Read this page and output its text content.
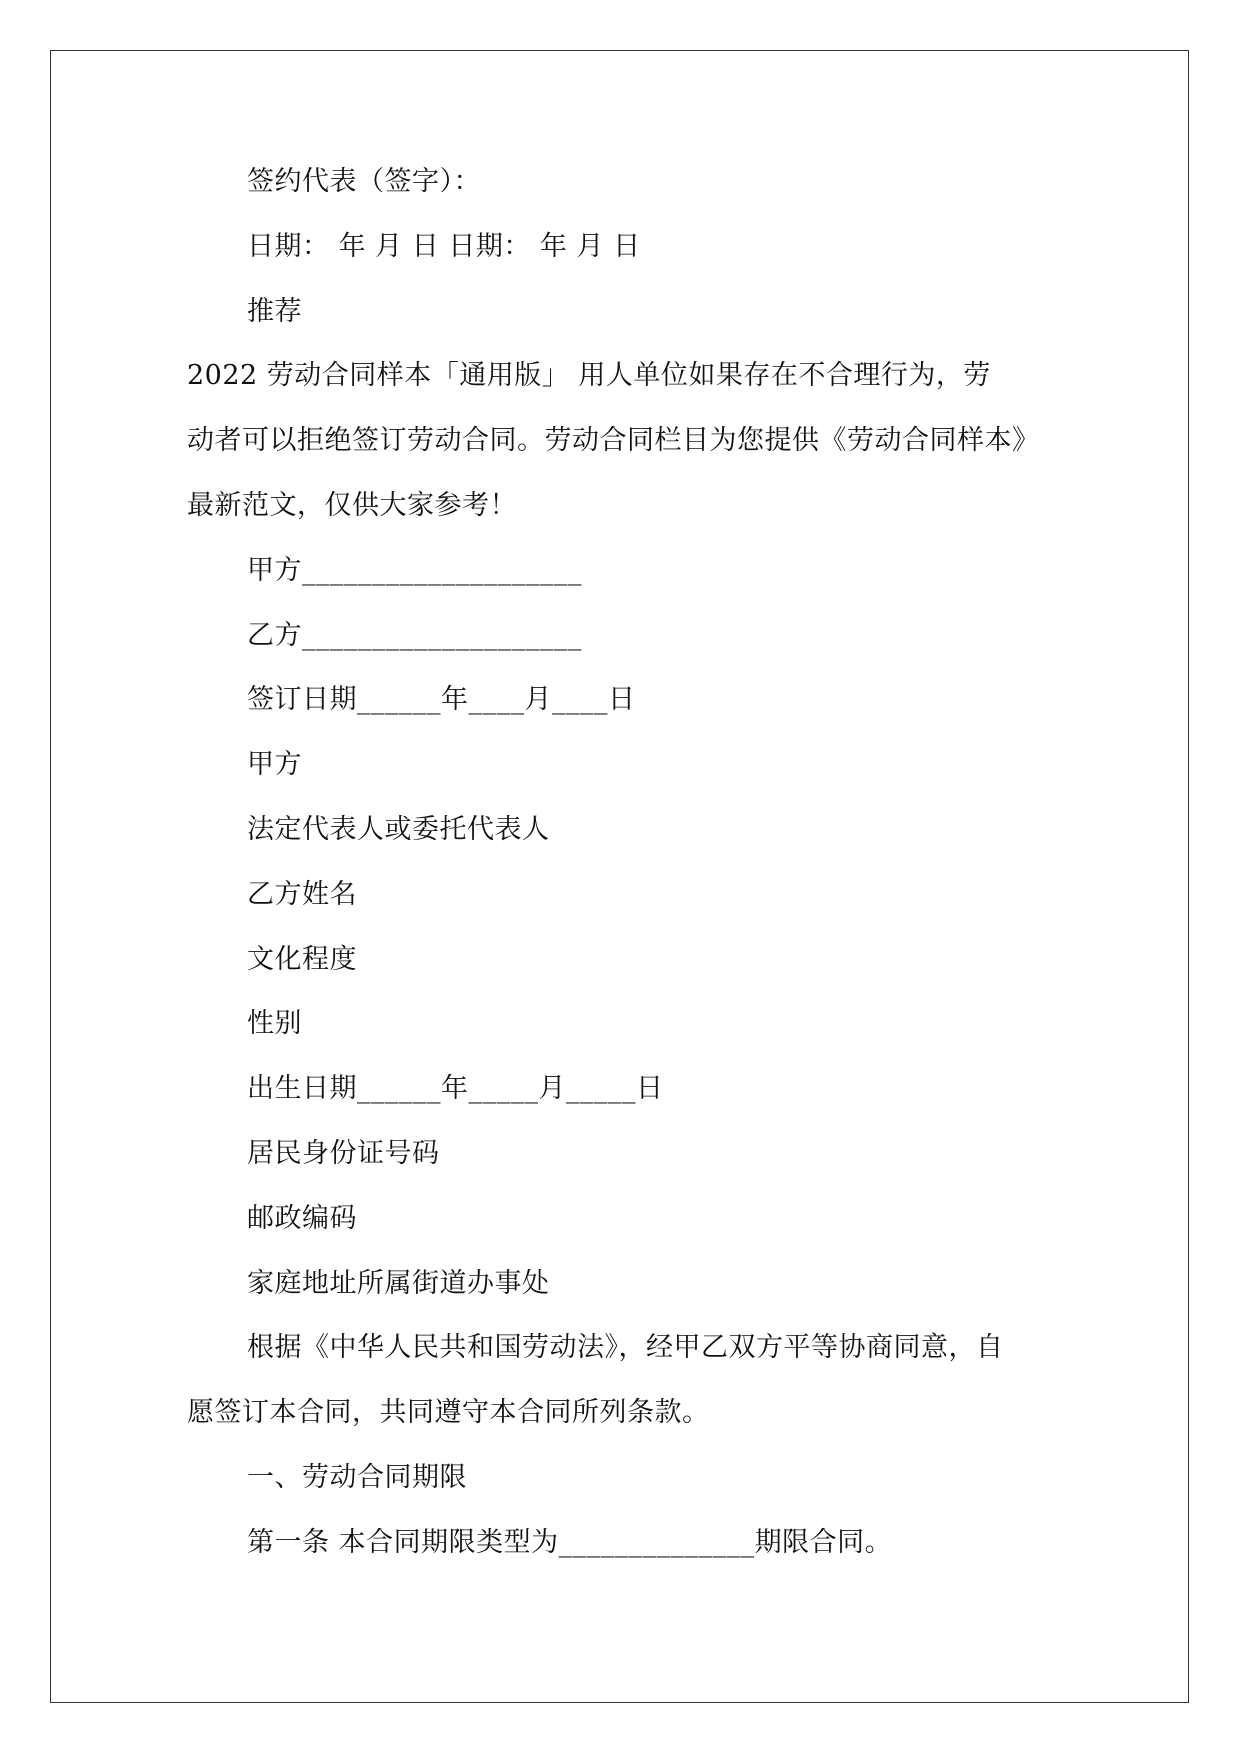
签约代表（签字）：
日期： 年 月 日 日期： 年 月 日
推荐
2022 劳动合同样本「通用版」 用人单位如果存在不合理行为，劳
动者可以拒绝签订劳动合同。劳动合同栏目为您提供《劳动合同样本》
最新范文，仅供大家参考！
甲方____________________
乙方____________________
签订日期______年____月____日
甲方
法定代表人或委托代表人
乙方姓名
文化程度
性别
出生日期______年_____月_____日
居民身份证号码
邮政编码
家庭地址所属街道办事处
根据《中华人民共和国劳动法》，经甲乙双方平等协商同意，自
愿签订本合同，共同遵守本合同所列条款。
一、劳动合同期限
第一条 本合同期限类型为______________期限合同。
